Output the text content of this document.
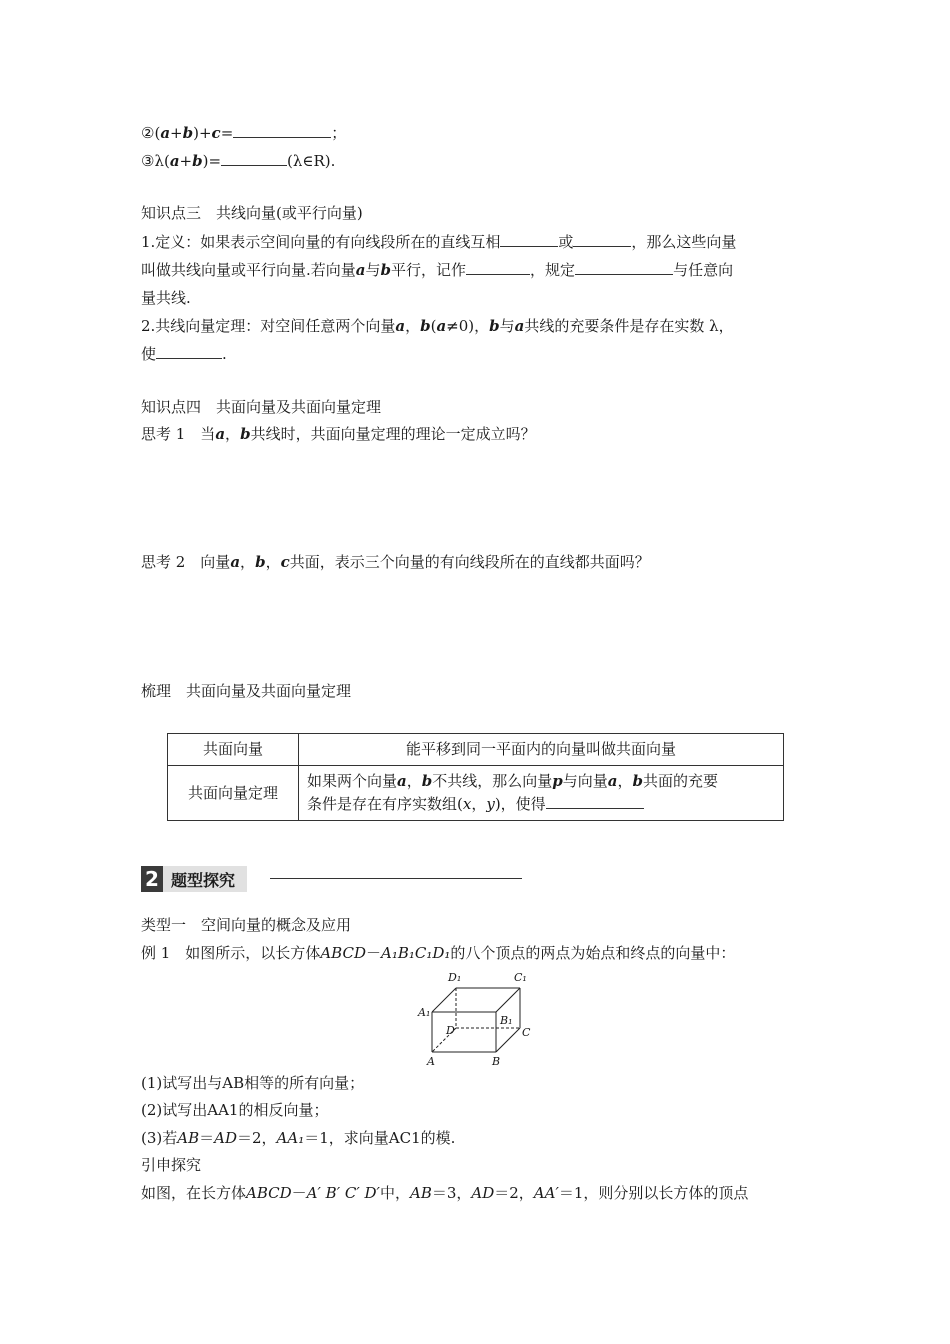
②(a+b)+c=	；
③λ(a+b)=	(λ∈R).
知识点三　共线向量(或平行向量)
1.定义：如果表示空间向量的有向线段所在的直线互相	或	，那么这些向量
叫做共线向量或平行向量.若向量a与b平行，记作	，规定	与任意向
量共线.
2.共线向量定理：对空间任意两个向量a，b(a≠0)，b与a共线的充要条件是存在实数 λ，
使	.
知识点四　共面向量及共面向量定理
思考 1　当a，b共线时，共面向量定理的理论一定成立吗？
思考 2　向量a，b，c共面，表示三个向量的有向线段所在的直线都共面吗？
梳理　共面向量及共面向量定理
共面向量	能平移到同一平面内的向量叫做共面向量
共面向量定理	如果两个向量a，b不共线，那么向量p与向量a，b共面的充要
条件是存在有序实数组(x，y)，使得
2 题型探究
类型一　空间向量的概念及应用
例 1　如图所示，以长方体ABCD－A₁B₁C₁D₁的八个顶点的两点为始点和终点的向量中：
D₁	C₁
A₁
D
B₁
C
A	B
(1)试写出与AB相等的所有向量；
(2)试写出AA1的相反向量；
(3)若AB＝AD＝2，AA₁＝1，求向量AC1的模.
引申探究
如图，在长方体ABCD－A′ B′ C′ D′中，AB＝3，AD＝2，AA′＝1，则分别以长方体的顶点
